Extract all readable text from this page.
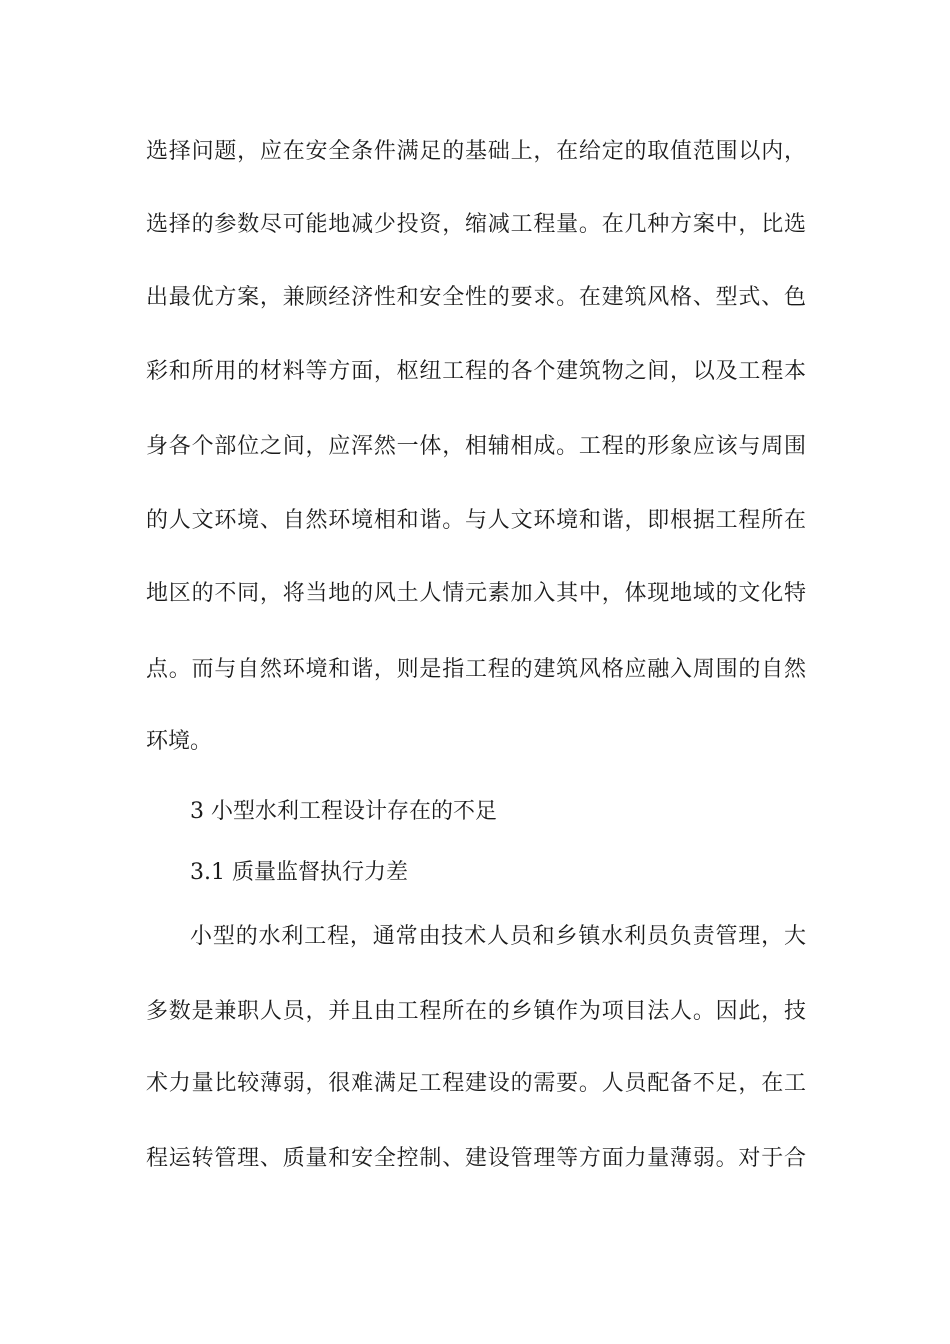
选择问题，应在安全条件满足的基础上，在给定的取值范围以内，
选择的参数尽可能地减少投资，缩减工程量。在几种方案中，比选
出最优方案，兼顾经济性和安全性的要求。在建筑风格、型式、色
彩和所用的材料等方面，枢纽工程的各个建筑物之间，以及工程本
身各个部位之间，应浑然一体，相辅相成。工程的形象应该与周围
的人文环境、自然环境相和谐。与人文环境和谐，即根据工程所在
地区的不同，将当地的风土人情元素加入其中，体现地域的文化特
点。而与自然环境和谐，则是指工程的建筑风格应融入周围的自然
环境。
3 小型水利工程设计存在的不足
3.1 质量监督执行力差
小型的水利工程，通常由技术人员和乡镇水利员负责管理，大
多数是兼职人员，并且由工程所在的乡镇作为项目法人。因此，技
术力量比较薄弱，很难满足工程建设的需要。人员配备不足，在工
程运转管理、质量和安全控制、建设管理等方面力量薄弱。对于合
